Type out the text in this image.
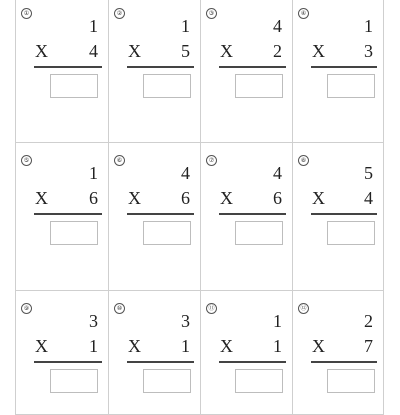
①
1
X 4
②
1
X 5
③
4
X 2
④
1
X 3
⑤
1
X 6
⑥
4
X 6
⑦
4
X 6
⑧
5
X 4
⑨
3
X 1
⑩
3
X 1
⑪
1
X 1
⑫
2
X 7
